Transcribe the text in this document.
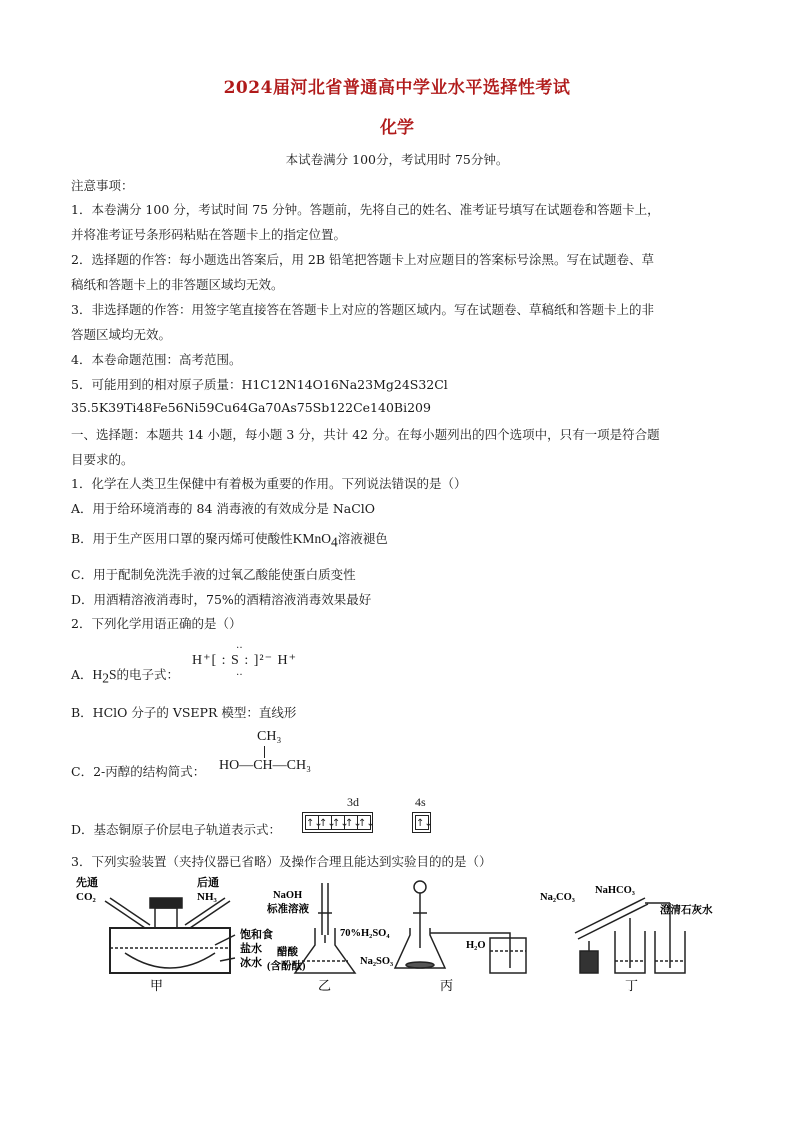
2024届河北省普通高中学业水平选择性考试
化学
本试卷满分 100分，考试用时 75分钟。
注意事项：
1．本卷满分 100 分，考试时间 75 分钟。答题前，先将自己的姓名、准考证号填写在试题卷和答题卡上，
并将准考证号条形码粘贴在答题卡上的指定位置。
2．选择题的作答：每小题选出答案后，用 2B 铅笔把答题卡上对应题目的答案标号涂黑。写在试题卷、草
稿纸和答题卡上的非答题区域均无效。
3．非选择题的作答：用签字笔直接答在答题卡上对应的答题区域内。写在试题卷、草稿纸和答题卡上的非
答题区域均无效。
4．本卷命题范围：高考范围。
5．可能用到的相对原子质量：H1C12N14O16Na23Mg24S32Cl
35.5K39Ti48Fe56Ni59Cu64Ga70As75Sb122Ce140Bi209
一、选择题：本题共 14 小题，每小题 3 分，共计 42 分。在每小题列出的四个选项中，只有一项是符合题
目要求的。
1．化学在人类卫生保健中有着极为重要的作用。下列说法错误的是（）
A．用于给环境消毒的 84 消毒液的有效成分是 NaClO
B．用于生产医用口罩的聚丙烯可使酸性KMnO$_4$溶液褪色
C．用于配制免洗洗手液的过氧乙酸能使蛋白质变性
D．用酒精溶液消毒时，75%的酒精溶液消毒效果最好
2．下列化学用语正确的是（）
A．$H_2S$的电子式：
H⁺[ : S : ]²⁻ H⁺
‥
‥
B．HClO 分子的 VSEPR 模型：直线形
C．2-丙醇的结构简式：
CH₃
HO—CH—CH₃
D．基态铜原子价层电子轨道表示式：
3d	4s
↑↓
↑↓
↑↓
↑↓
↑↓	↑↓
3．下列实验装置（夹持仪器已省略）及操作合理且能达到实验目的的是（）
先通
CO₂
后通
NH₃
饱和食
盐水
冰水
甲
NaOH
标准溶液
醋酸
(含酚酞)
乙
70%H₂SO₄
Na₂SO₃
H₂O
丙
Na₂CO₃
NaHCO₃
澄清石灰水
丁
